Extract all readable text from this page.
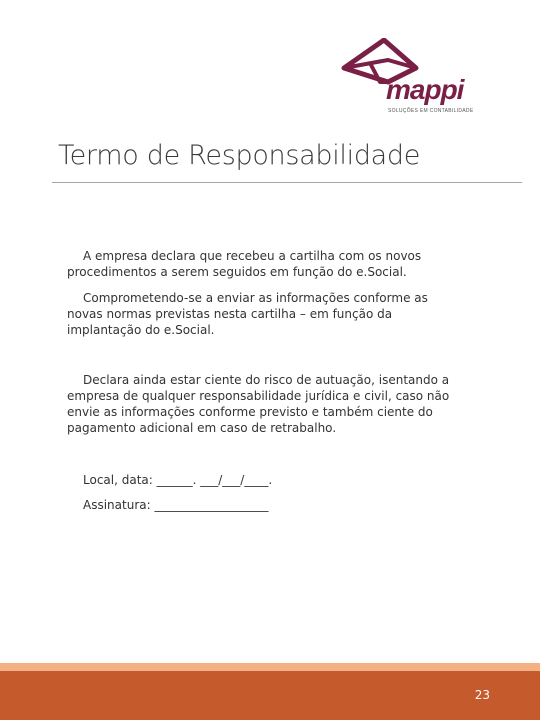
mappi
SOLUÇÕES EM CONTABILIDADE
Termo de Responsabilidade

A empresa declara que recebeu a cartilha com os novos procedimentos a serem seguidos em função do e.Social.

Comprometendo-se a enviar as informações conforme as novas normas previstas nesta cartilha – em função da implantação do e.Social.

Declara ainda estar ciente do risco de autuação, isentando a empresa de qualquer responsabilidade jurídica e civil, caso não envie as informações conforme previsto e também ciente do pagamento adicional em caso de retrabalho.

Local, data: ______. ___/___/____.

Assinatura: ___________________

23
